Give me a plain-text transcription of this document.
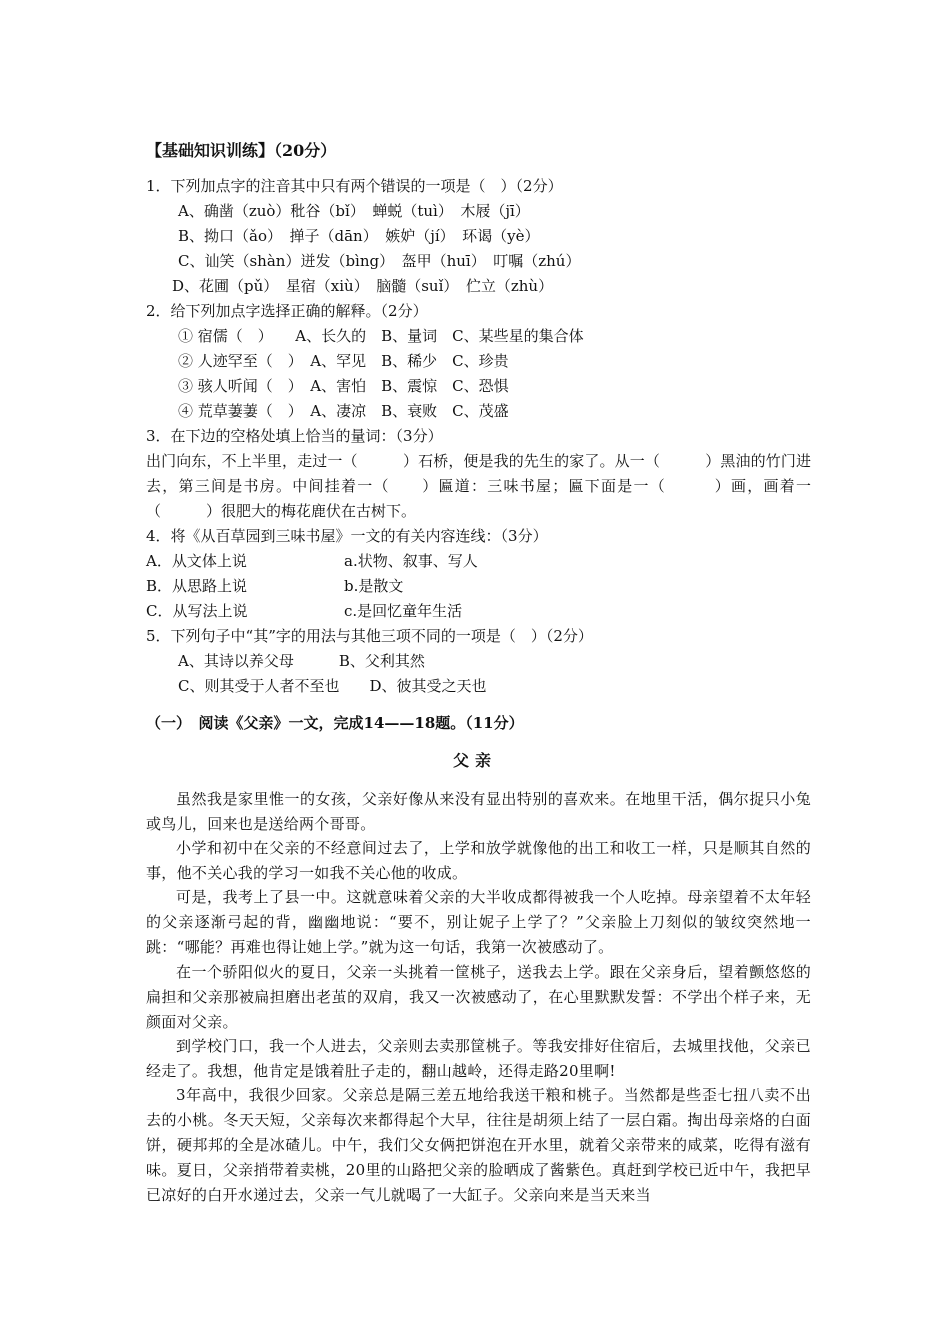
【基础知识训练】（20分）
1．下列加点字的注音其中只有两个错误的一项是（　）（2分）
A、确凿（zuò）秕谷（bǐ）　蝉蜕（tuì）　木屐（jī）
B、拗口（ǎo）　掸子（dān）　嫉妒（jí）　环谒（yè）
C、讪笑（shàn）迸发（bìng）　盔甲（huī）　叮嘱（zhú）
D、花圃（pǔ）　星宿（xiù）　脑髓（suǐ）　伫立（zhù）
2．给下列加点字选择正确的解释。（2分）
① 宿儒（　）　　A、长久的　B、量词　C、某些星的集合体
② 人迹罕至（　）　A、罕见　B、稀少　C、珍贵
③ 骇人听闻（　）　A、害怕　B、震惊　C、恐惧
④ 荒草萋萋（　）　A、凄凉　B、衰败　C、茂盛
3．在下边的空格处填上恰当的量词：（3分）
出门向东，不上半里，走过一（　　　）石桥，便是我的先生的家了。从一（　　　）黑油的竹门进去，第三间是书房。中间挂着一（　　）匾道：三味书屋；匾下面是一（　　　）画，画着一（　　　）很肥大的梅花鹿伏在古树下。
4．将《从百草园到三味书屋》一文的有关内容连线：（3分）
A．从文体上说	a.状物、叙事、写人
B．从思路上说	b.是散文
C．从写法上说	c.是回忆童年生活
5．下列句子中“其”字的用法与其他三项不同的一项是（　）（2分）
A、其诗以养父母　　　B、父利其然
C、则其受于人者不至也　　D、彼其受之天也
（一）　阅读《父亲》一文，完成14——18题。（11分）
父亲
虽然我是家里惟一的女孩，父亲好像从来没有显出特别的喜欢来。在地里干活，偶尔捉只小兔或鸟儿，回来也是送给两个哥哥。
小学和初中在父亲的不经意间过去了，上学和放学就像他的出工和收工一样，只是顺其自然的事，他不关心我的学习一如我不关心他的收成。
可是，我考上了县一中。这就意味着父亲的大半收成都得被我一个人吃掉。母亲望着不太年轻的父亲逐渐弓起的背，幽幽地说：“要不，别让妮子上学了？”父亲脸上刀刻似的皱纹突然地一跳：“哪能？再难也得让她上学。”就为这一句话，我第一次被感动了。
在一个骄阳似火的夏日，父亲一头挑着一筐桃子，送我去上学。跟在父亲身后，望着颤悠悠的扁担和父亲那被扁担磨出老茧的双肩，我又一次被感动了，在心里默默发誓：不学出个样子来，无颜面对父亲。
到学校门口，我一个人进去，父亲则去卖那筐桃子。等我安排好住宿后，去城里找他，父亲已经走了。我想，他肯定是饿着肚子走的，翻山越岭，还得走路20里啊!
3年高中，我很少回家。父亲总是隔三差五地给我送干粮和桃子。当然都是些歪七扭八卖不出去的小桃。冬天天短，父亲每次来都得起个大早，往往是胡须上结了一层白霜。掏出母亲烙的白面饼，硬邦邦的全是冰碴儿。中午，我们父女俩把饼泡在开水里，就着父亲带来的咸菜，吃得有滋有味。夏日，父亲捎带着卖桃，20里的山路把父亲的脸晒成了酱紫色。真赶到学校已近中午，我把早已凉好的白开水递过去，父亲一气儿就喝了一大缸子。父亲向来是当天来当
